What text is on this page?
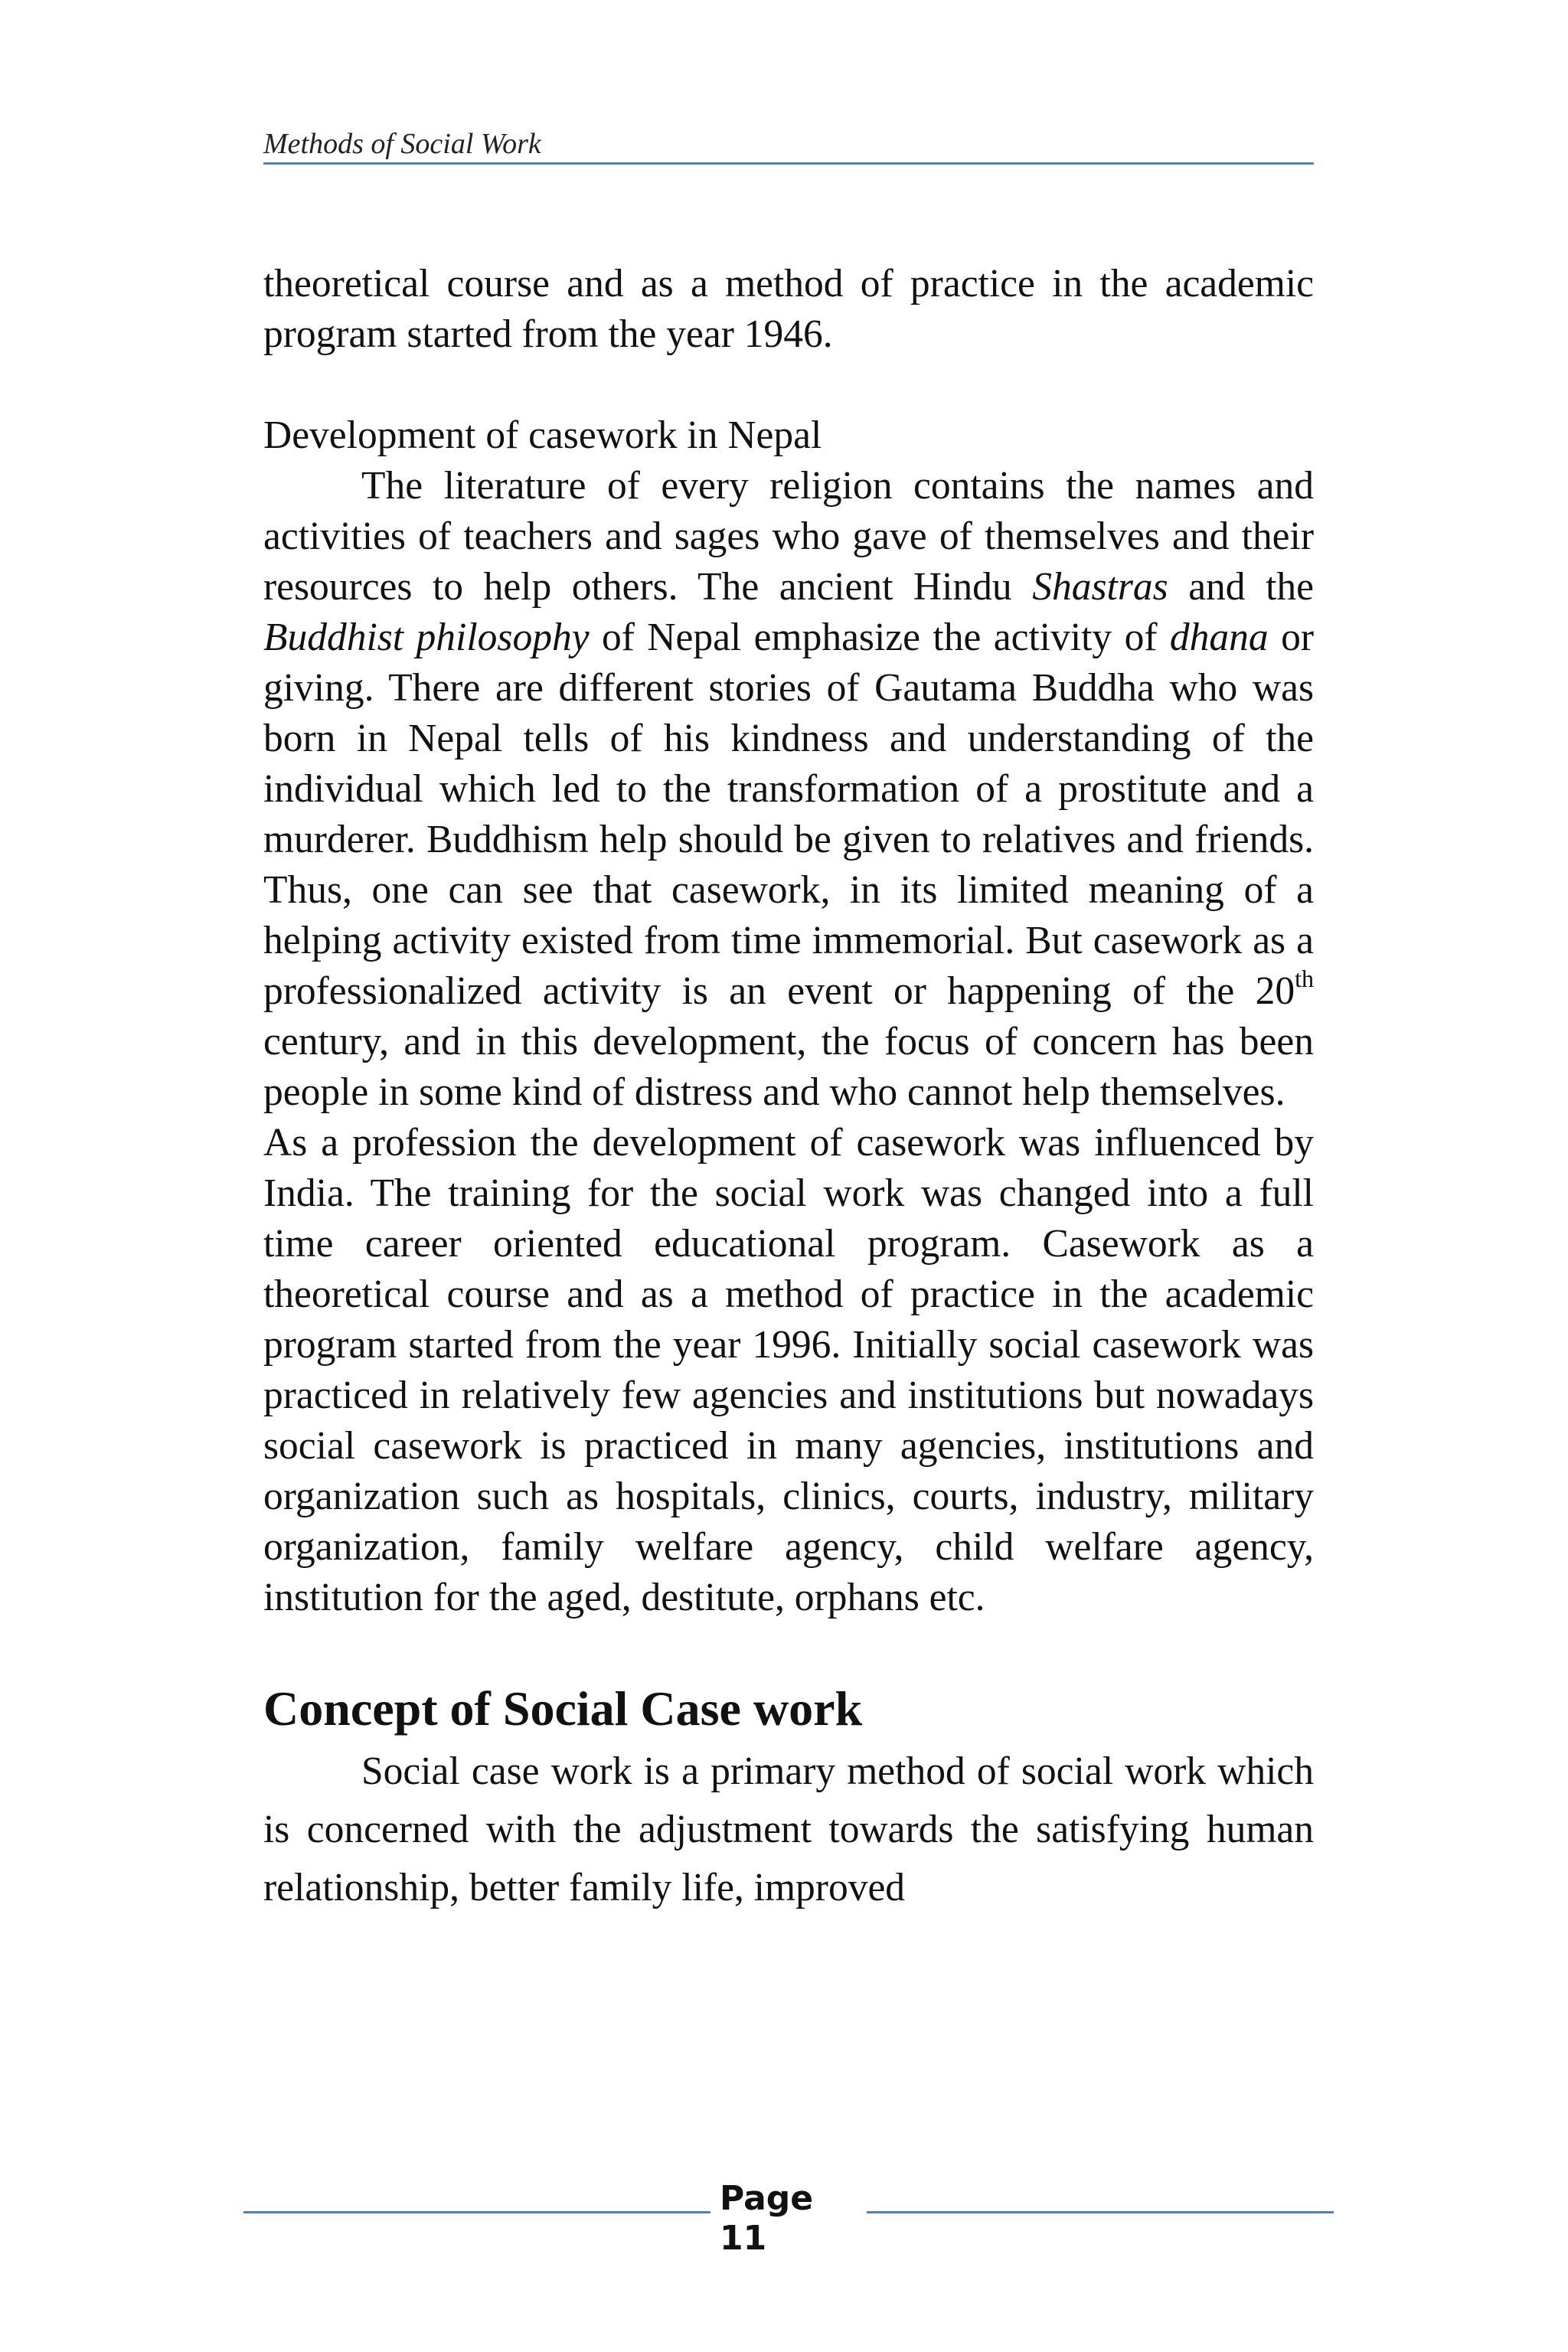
Methods of Social Work

theoretical course and as a method of practice in the academic program started from the year 1946.

Development of casework in Nepal

The literature of every religion contains the names and activities of teachers and sages who gave of themselves and their resources to help others. The ancient Hindu Shastras and the Buddhist philosophy of Nepal emphasize the activity of dhana or giving. There are different stories of Gautama Buddha who was born in Nepal tells of his kindness and understanding of the individual which led to the transformation of a prostitute and a murderer. Buddhism help should be given to relatives and friends. Thus, one can see that casework, in its limited meaning of a helping activity existed from time immemorial. But casework as a professionalized activity is an event or happening of the 20th century, and in this development, the focus of concern has been people in some kind of distress and who cannot help themselves.

As a profession the development of casework was influenced by India. The training for the social work was changed into a full time career oriented educational program. Casework as a theoretical course and as a method of practice in the academic program started from the year 1996. Initially social casework was practiced in relatively few agencies and institutions but nowadays social casework is practiced in many agencies, institutions and organization such as hospitals, clinics, courts, industry, military organization, family welfare agency, child welfare agency, institution for the aged, destitute, orphans etc.

Concept of Social Case work

Social case work is a primary method of social work which is concerned with the adjustment towards the satisfying human relationship, better family life, improved

Page
11
